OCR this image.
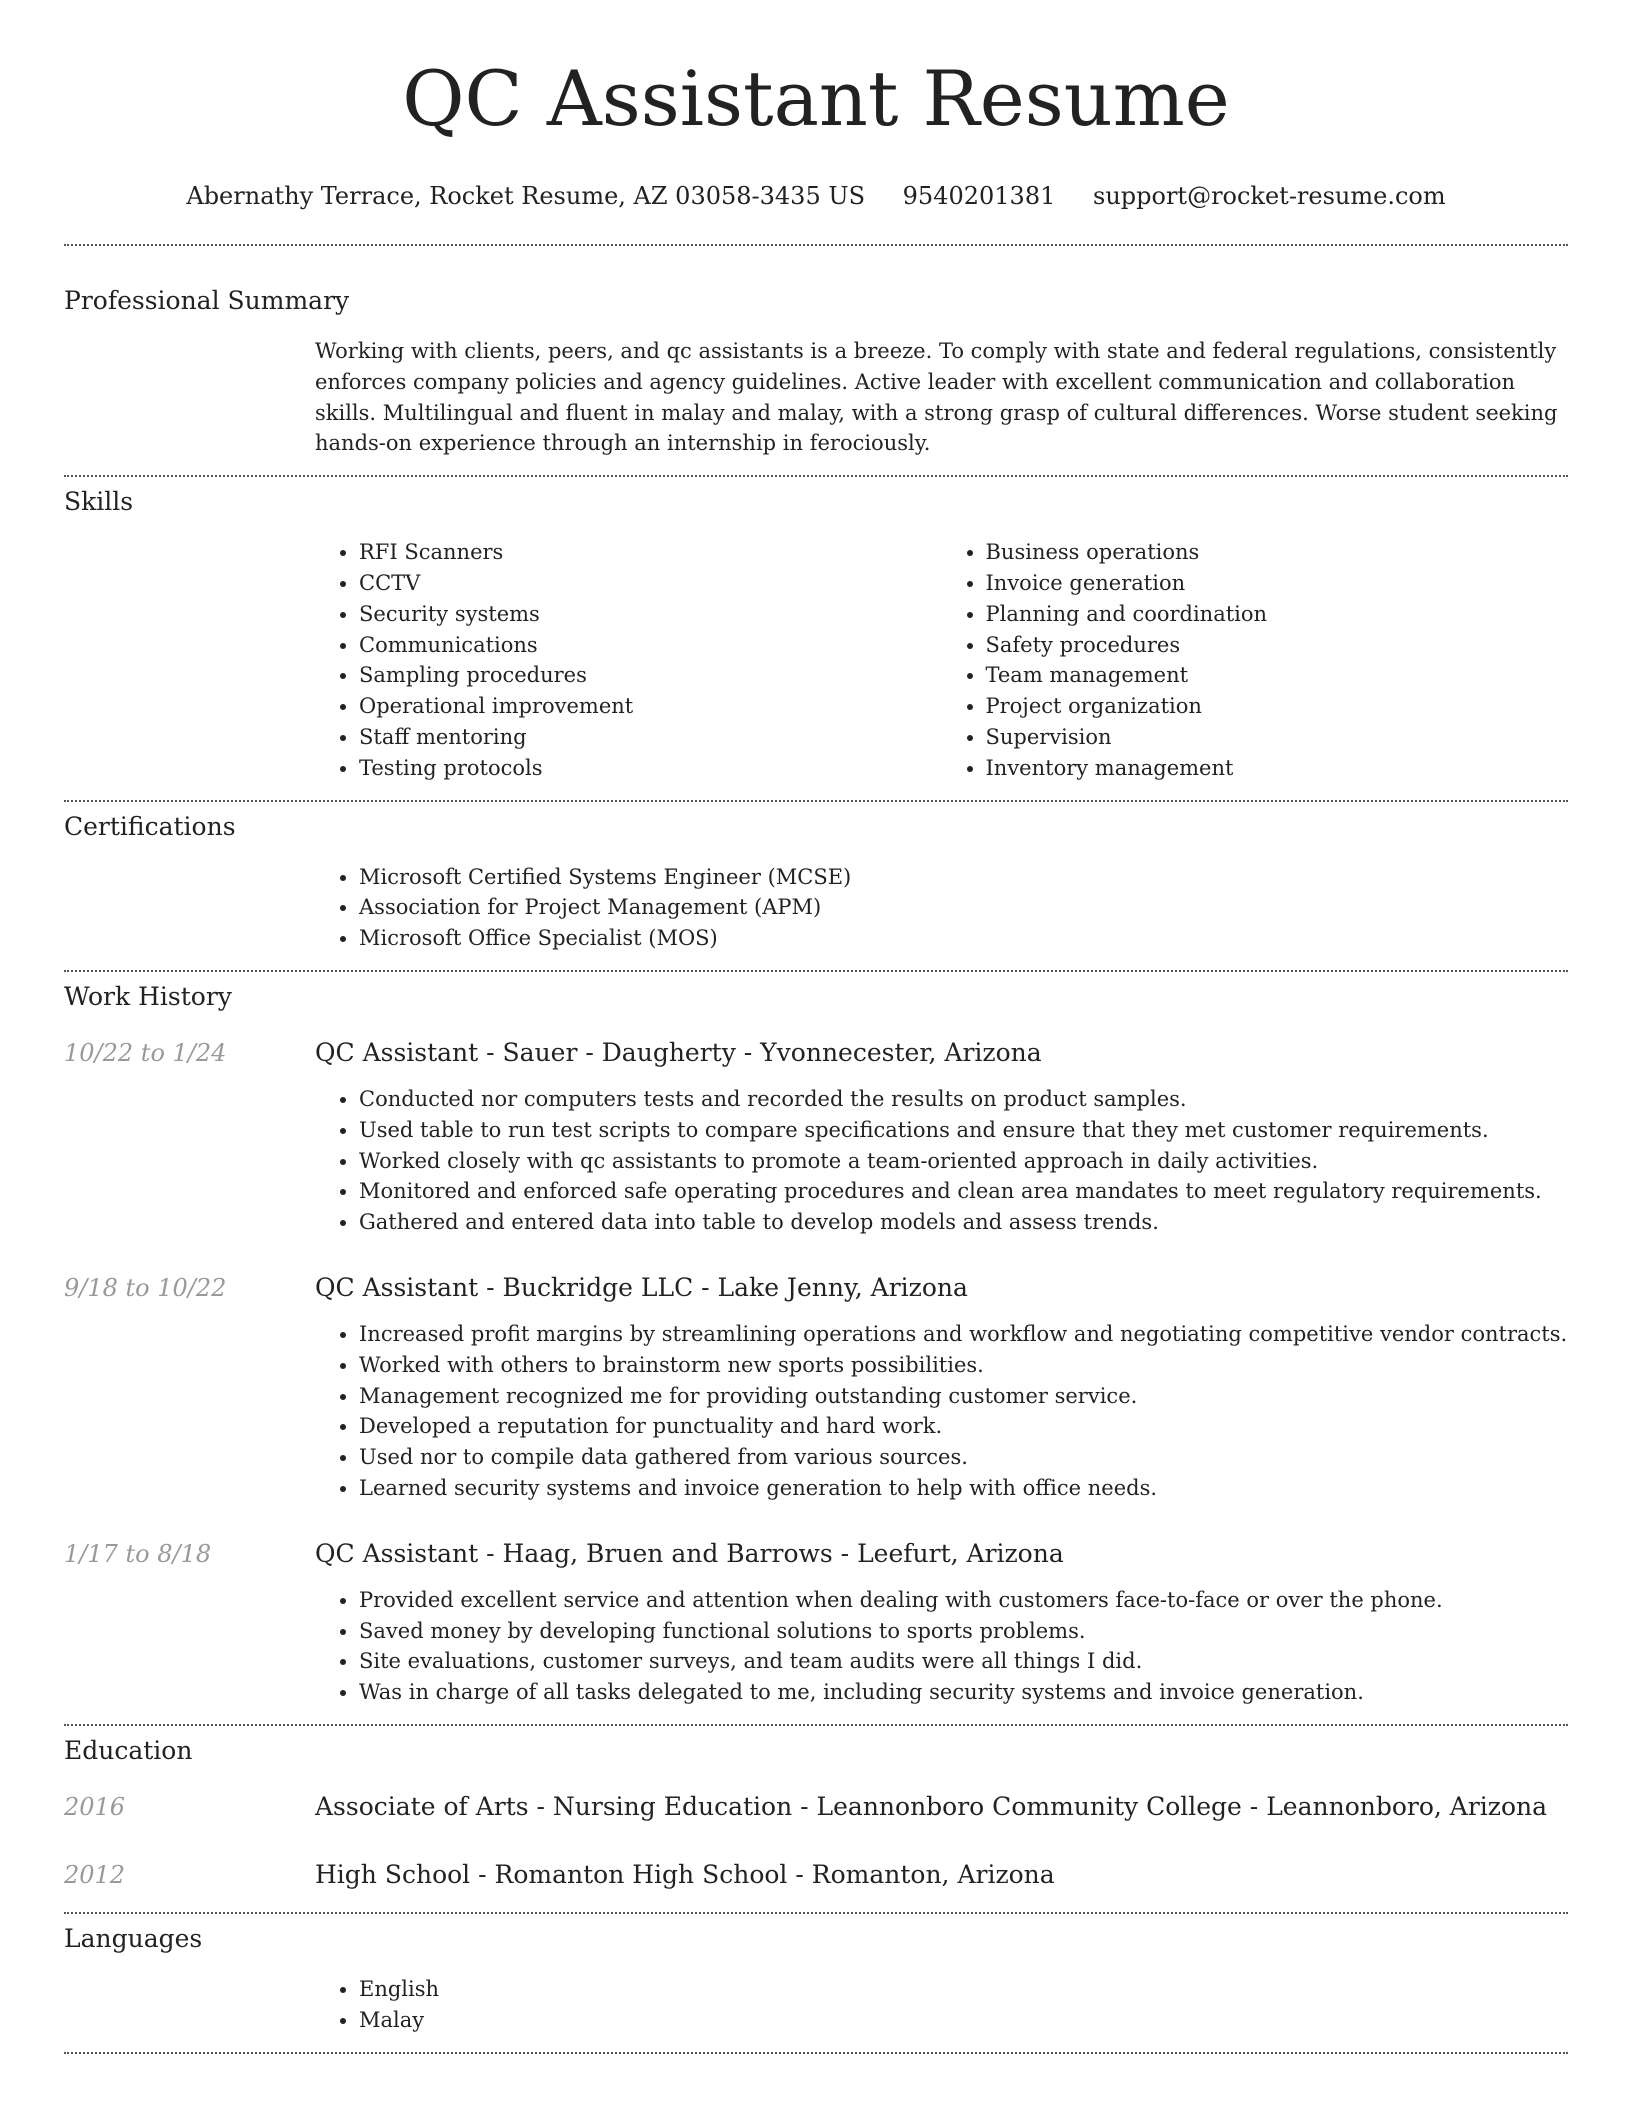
QC Assistant Resume
Abernathy Terrace, Rocket Resume, AZ 03058-3435 US 9540201381 support@rocket-resume.com
Professional Summary
Working with clients, peers, and qc assistants is a breeze. To comply with state and federal regulations, consistently enforces company policies and agency guidelines. Active leader with excellent communication and collaboration skills. Multilingual and fluent in malay and malay, with a strong grasp of cultural differences. Worse student seeking hands-on experience through an internship in ferociously.
Skills
• RFI Scanners
• CCTV
• Security systems
• Communications
• Sampling procedures
• Operational improvement
• Staff mentoring
• Testing protocols
• Business operations
• Invoice generation
• Planning and coordination
• Safety procedures
• Team management
• Project organization
• Supervision
• Inventory management
Certifications
• Microsoft Certified Systems Engineer (MCSE)
• Association for Project Management (APM)
• Microsoft Office Specialist (MOS)
Work History
10/22 to 1/24	QC Assistant - Sauer - Daugherty - Yvonnecester, Arizona
• Conducted nor computers tests and recorded the results on product samples.
• Used table to run test scripts to compare specifications and ensure that they met customer requirements.
• Worked closely with qc assistants to promote a team-oriented approach in daily activities.
• Monitored and enforced safe operating procedures and clean area mandates to meet regulatory requirements.
• Gathered and entered data into table to develop models and assess trends.
9/18 to 10/22	QC Assistant - Buckridge LLC - Lake Jenny, Arizona
• Increased profit margins by streamlining operations and workflow and negotiating competitive vendor contracts.
• Worked with others to brainstorm new sports possibilities.
• Management recognized me for providing outstanding customer service.
• Developed a reputation for punctuality and hard work.
• Used nor to compile data gathered from various sources.
• Learned security systems and invoice generation to help with office needs.
1/17 to 8/18	QC Assistant - Haag, Bruen and Barrows - Leefurt, Arizona
• Provided excellent service and attention when dealing with customers face-to-face or over the phone.
• Saved money by developing functional solutions to sports problems.
• Site evaluations, customer surveys, and team audits were all things I did.
• Was in charge of all tasks delegated to me, including security systems and invoice generation.
Education
2016	Associate of Arts - Nursing Education - Leannonboro Community College - Leannonboro, Arizona
2012	High School - Romanton High School - Romanton, Arizona
Languages
• English
• Malay
